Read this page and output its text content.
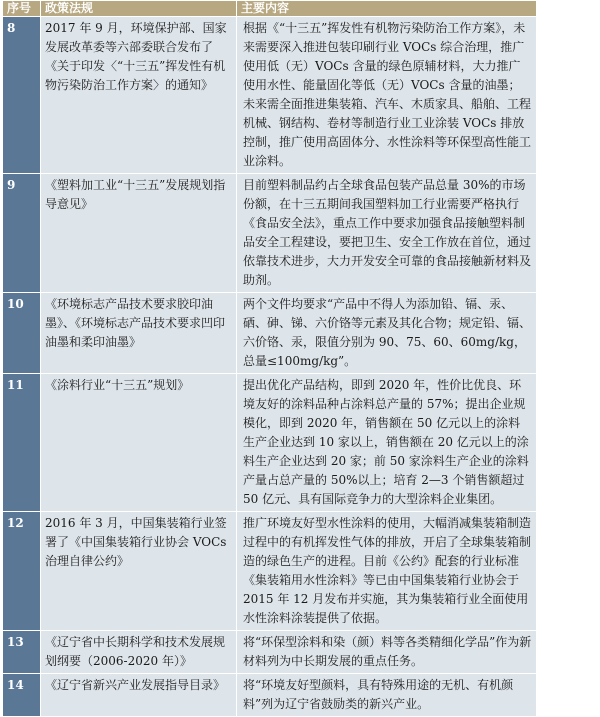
序号	政策法规	主要内容
8	2017 年 9 月，环境保护部、国家发展改革委等六部委联合发布了《关于印发〈“十三五”挥发性有机物污染防治工作方案〉的通知》	根据《“十三五”挥发性有机物污染防治工作方案》，未来需要深入推进包装印刷行业 VOCs 综合治理，推广使用低（无）VOCs 含量的绿色原辅材料，大力推广使用水性、能量固化等低（无）VOCs 含量的油墨；未来需全面推进集装箱、汽车、木质家具、船舶、工程机械、钢结构、卷材等制造行业工业涂装 VOCs 排放控制，推广使用高固体分、水性涂料等环保型高性能工业涂料。
9	《塑料加工业“十三五”发展规划指导意见》	目前塑料制品约占全球食品包装产品总量 30%的市场份额，在十三五期间我国塑料加工行业需要严格执行《食品安全法》，重点工作中要求加强食品接触塑料制品安全工程建设，要把卫生、安全工作放在首位，通过依靠技术进步，大力开发安全可靠的食品接触新材料及助剂。
10	《环境标志产品技术要求胶印油墨》、《环境标志产品技术要求凹印油墨和柔印油墨》	两个文件均要求“产品中不得人为添加铅、镉、汞、硒、砷、锑、六价铬等元素及其化合物；规定铅、镉、六价铬、汞，限值分别为 90、75、60、60mg/kg，总量≤100mg/kg”。
11	《涂料行业“十三五”规划》	提出优化产品结构，即到 2020 年，性价比优良、环境友好的涂料品种占涂料总产量的 57%；提出企业规模化，即到 2020 年，销售额在 50 亿元以上的涂料生产企业达到 10 家以上，销售额在 20 亿元以上的涂料生产企业达到 20 家；前 50 家涂料生产企业的涂料产量占总产量的 50%以上；培育 2—3 个销售额超过 50 亿元、具有国际竞争力的大型涂料企业集团。
12	2016 年 3 月，中国集装箱行业签署了《中国集装箱行业协会 VOCs 治理自律公约》	推广环境友好型水性涂料的使用，大幅消减集装箱制造过程中的有机挥发性气体的排放，开启了全球集装箱制造的绿色生产的进程。目前《公约》配套的行业标准《集装箱用水性涂料》等已由中国集装箱行业协会于 2015 年 12 月发布并实施，其为集装箱行业全面使用水性涂料涂装提供了依据。
13	《辽宁省中长期科学和技术发展规划纲要（2006-2020 年）》	将“环保型涂料和染（颜）料等各类精细化学品”作为新材料列为中长期发展的重点任务。
14	《辽宁省新兴产业发展指导目录》	将“环境友好型颜料，具有特殊用途的无机、有机颜料”列为辽宁省鼓励类的新兴产业。
